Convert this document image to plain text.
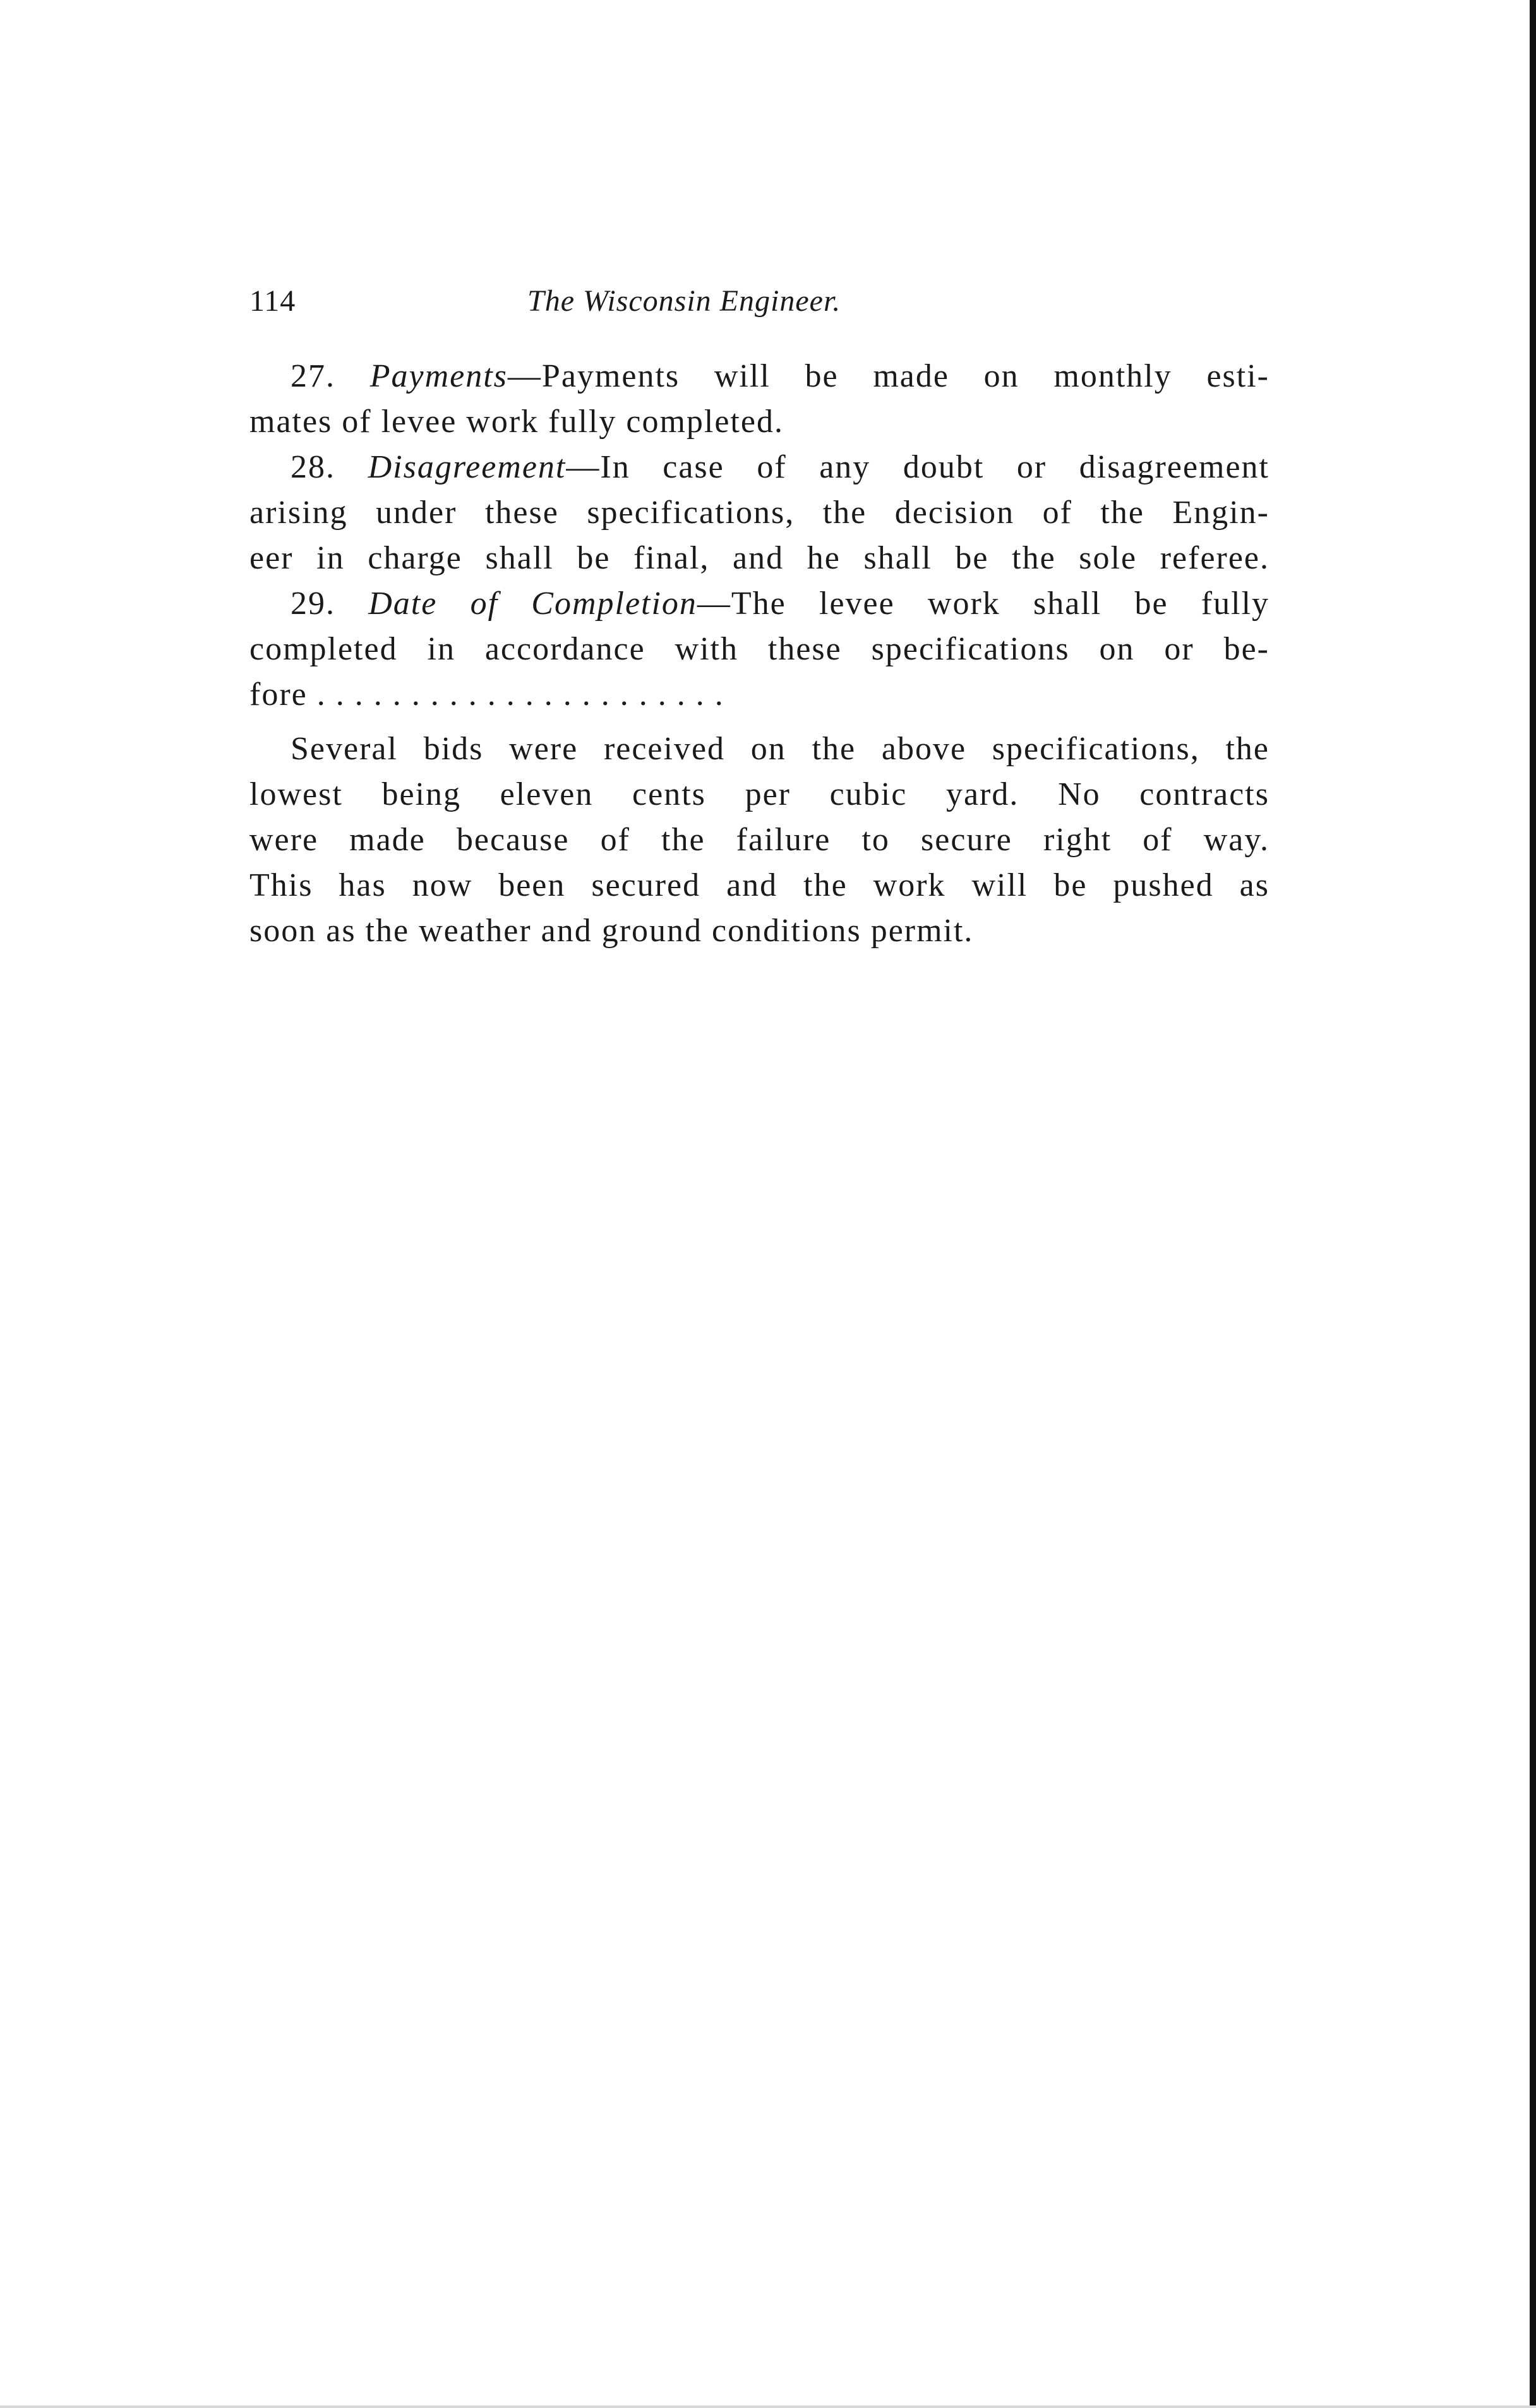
114	The Wisconsin Engineer.
27. Payments—Payments will be made on monthly esti-
mates of levee work fully completed.
28. Disagreement—In case of any doubt or disagreement
arising under these specifications, the decision of the Engin-
eer in charge shall be final, and he shall be the sole referee.
29. Date of Completion—The levee work shall be fully
completed in accordance with these specifications on or be-
fore . . . . . . . . . . . . . . . . . . . . . .
Several bids were received on the above specifications, the
lowest being eleven cents per cubic yard. No contracts
were made because of the failure to secure right of way.
This has now been secured and the work will be pushed as
soon as the weather and ground conditions permit.
